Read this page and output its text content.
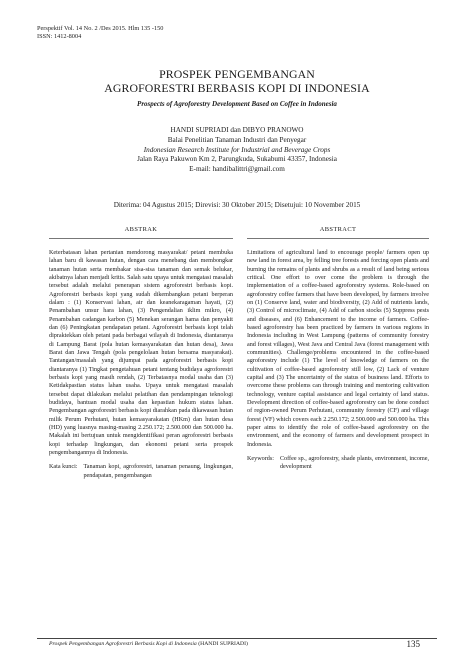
Perspektif Vol. 14 No. 2 /Des 2015. Hlm 135 -150
ISSN: 1412-8004
PROSPEK PENGEMBANGAN
AGROFORESTRI BERBASIS KOPI DI INDONESIA
Prospects of Agroforestry Development Based on Coffee in Indonesia
HANDI SUPRIADI dan DIBYO PRANOWO
Balai Penelitian Tanaman Industri dan Penyegar
Indonesian Research Institute for Industrial and Beverage Crops
Jalan Raya Pakuwon Km 2, Parungkuda, Sukabumi 43357, Indonesia
E-mail: handibalittri@gmail.com
Diterima: 04 Agustus 2015; Direvisi: 30 Oktober 2015; Disetujui: 10 November 2015
ABSTRAK
Keterbatasan lahan pertanian mendorong masyarakat/ petani membuka lahan baru di kawasan hutan, dengan cara menebang dan membongkar tanaman hutan serta membakar sisa-sisa tanaman dan semak belukar, akibatnya lahan menjadi kritis. Salah satu upaya untuk mengatasi masalah tersebut adalah melalui penerapan sistem agroforestri berbasis kopi. Agroforestri berbasis kopi yang sudah dikembangkan petani berperan dalam : (1) Konservasi lahan, air dan keanekaragaman hayati, (2) Penambahan unsur hara lahan, (3) Pengendalian iklim mikro, (4) Penambahan cadangan karbon (5) Menekan serangan hama dan penyakit dan (6) Peningkatan pendapatan petani. Agroforestri berbasis kopi telah dipraktekkan oleh petani pada berbagai wilayah di Indonesia, diantaranya di Lampung Barat (pola hutan kemasyarakatan dan hutan desa), Jawa Barat dan Jawa Tengah (pola pengelolaan hutan bersama masyarakat). Tantangan/masalah yang dijumpai pada agroforestri berbasis kopi diantaranya (1) Tingkat pengetahuan petani tentang budidaya agroforestri berbasis kopi yang masih rendah, (2) Terbatasnya modal usaha dan (3) Ketidakpastian status lahan usaha. Upaya untuk mengatasi masalah tersebut dapat dilakukan melalui pelatihan dan pendampingan teknologi budidaya, bantuan modal usaha dan kepastian hukum status lahan. Pengembangan agroforestri berbasis kopi diarahkan pada dikawasan hutan milik Perum Perhutani, hutan kemasyarakatan (HKm) dan hutan desa (HD) yang luasnya masing-masing 2.250.172; 2.500.000 dan 500.000 ha. Makalah ini bertujuan untuk mengidentifikasi peran agroforestri berbasis kopi terhadap lingkungan, dan ekonomi petani serta prospek pengembangannya di Indonesia.
Kata kunci: Tanaman kopi, agroforestri, tanaman penaung, lingkungan, pendapatan, pengembangan
ABSTRACT
Limitations of agricultural land to encourage people/ farmers open up new land in forest area, by felling tree forests and forcing open plants and burning the remains of plants and shrubs as a result of land being serious critical. One effort to over come the problem is through the implementation of a coffee-based agroforestry systems. Role-based on agroforestry coffee farmers that have been developed, by farmers involve on (1) Conserve land, water and biodiversity, (2) Add of nutrients lands, (3) Control of microclimate, (4) Add of carbon stocks (5) Suppress pests and diseases, and (6) Enhancement to the income of farmers. Coffee-based agroforestry has been practiced by farmers in various regions in Indonesia including in West Lampung (patterns of community forestry and forest villages), West Java and Central Java (forest management with communities). Challenge/problems encountered in the coffee-based agroforestry include (1) The level of knowledge of farmers on the cultivation of coffee-based agroforestry still low, (2) Lack of venture capital and (3) The uncertainty of the status of business land. Efforts to overcome these problems can through training and mentoring cultivation technology, venture capital assistance and legal certainty of land status. Development direction of coffee-based agroforestry can be done conduct of region-owned Perum Perhutani, community forestry (CF) and village forest (VF) which covers each 2.250.172; 2.500.000 and 500.000 ha. This paper aims to identify the role of coffee-based agroforestry on the environment, and the economy of farmers and development prospect in Indonesia.
Keywords: Coffee sp., agroforestry, shade plants, environment, income, development
Prospek Pengembangan Agroforestri Berbasis Kopi di Indonesia (HANDI SUPRIADI)	135
